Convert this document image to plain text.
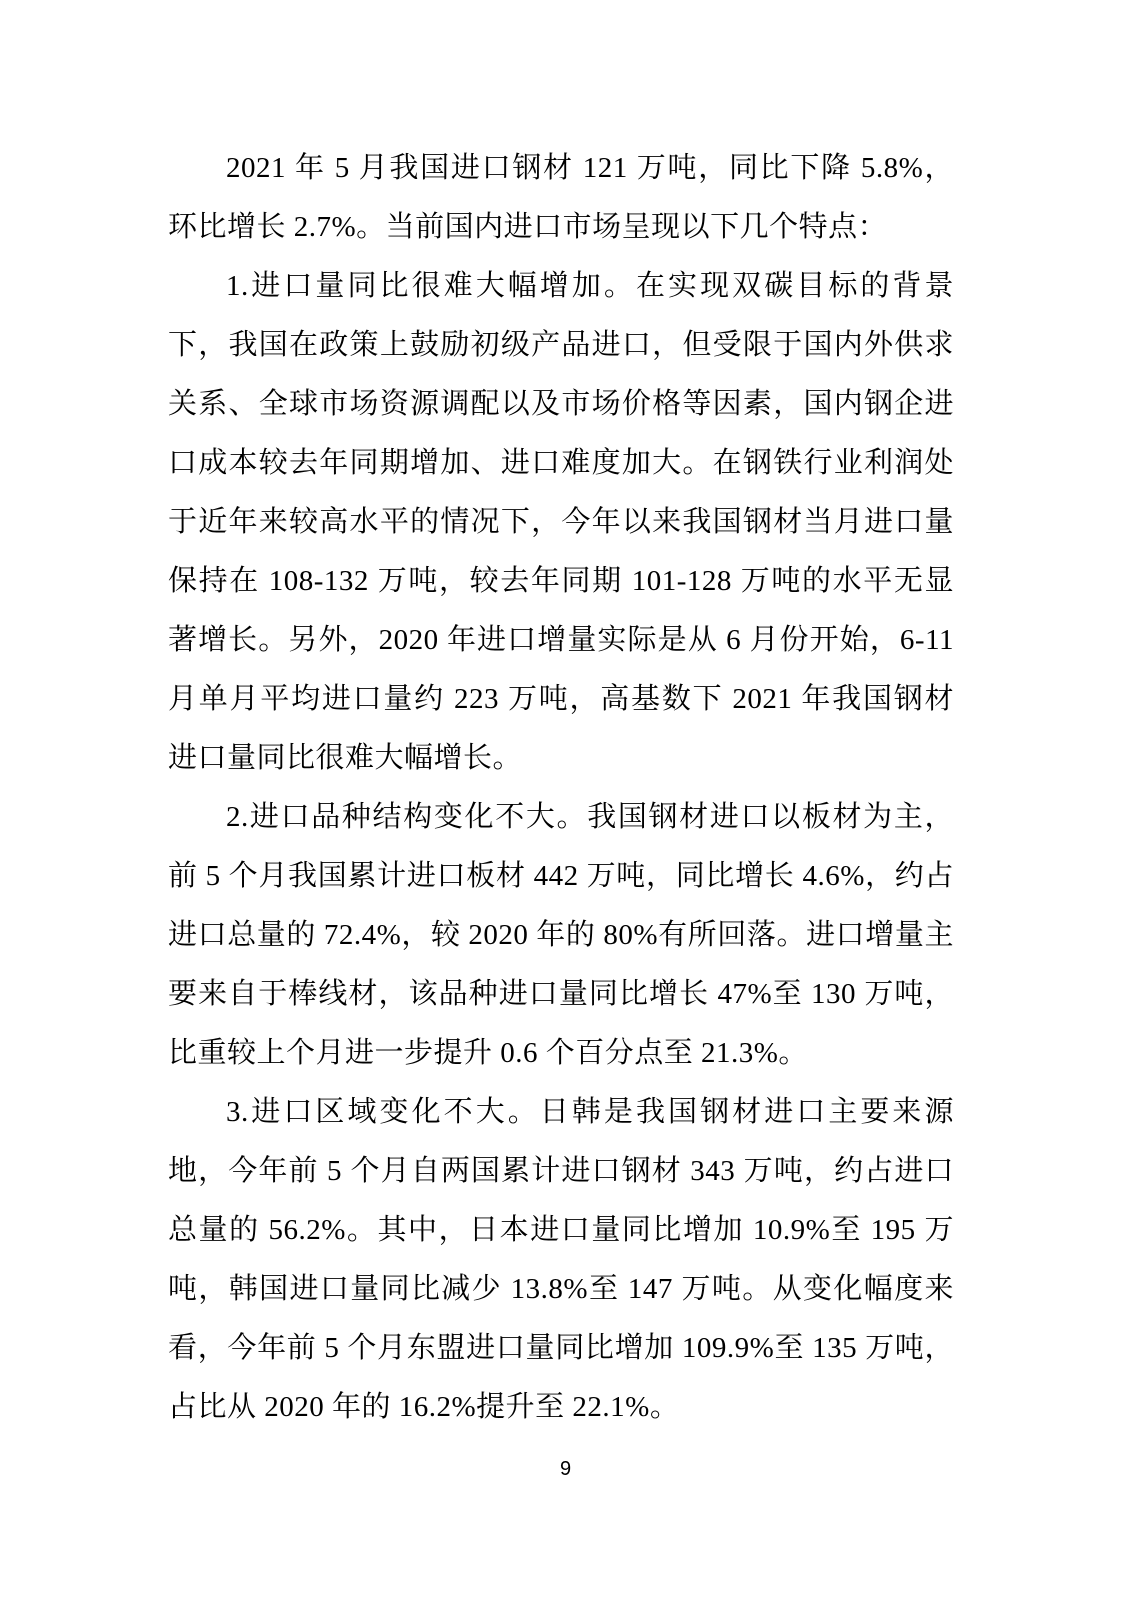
2021 年 5 月我国进口钢材 121 万吨，同比下降 5.8%，
环比增长 2.7%。当前国内进口市场呈现以下几个特点：
1.进口量同比很难大幅增加。在实现双碳目标的背景
下，我国在政策上鼓励初级产品进口，但受限于国内外供求
关系、全球市场资源调配以及市场价格等因素，国内钢企进
口成本较去年同期增加、进口难度加大。在钢铁行业利润处
于近年来较高水平的情况下，今年以来我国钢材当月进口量
保持在 108-132 万吨，较去年同期 101-128 万吨的水平无显
著增长。另外，2020 年进口增量实际是从 6 月份开始，6-11
月单月平均进口量约 223 万吨，高基数下 2021 年我国钢材
进口量同比很难大幅增长。
2.进口品种结构变化不大。我国钢材进口以板材为主，
前 5 个月我国累计进口板材 442 万吨，同比增长 4.6%，约占
进口总量的 72.4%，较 2020 年的 80%有所回落。进口增量主
要来自于棒线材，该品种进口量同比增长 47%至 130 万吨，
比重较上个月进一步提升 0.6 个百分点至 21.3%。
3.进口区域变化不大。日韩是我国钢材进口主要来源
地，今年前 5 个月自两国累计进口钢材 343 万吨，约占进口
总量的 56.2%。其中，日本进口量同比增加 10.9%至 195 万
吨，韩国进口量同比减少 13.8%至 147 万吨。从变化幅度来
看，今年前 5 个月东盟进口量同比增加 109.9%至 135 万吨，
占比从 2020 年的 16.2%提升至 22.1%。
9
